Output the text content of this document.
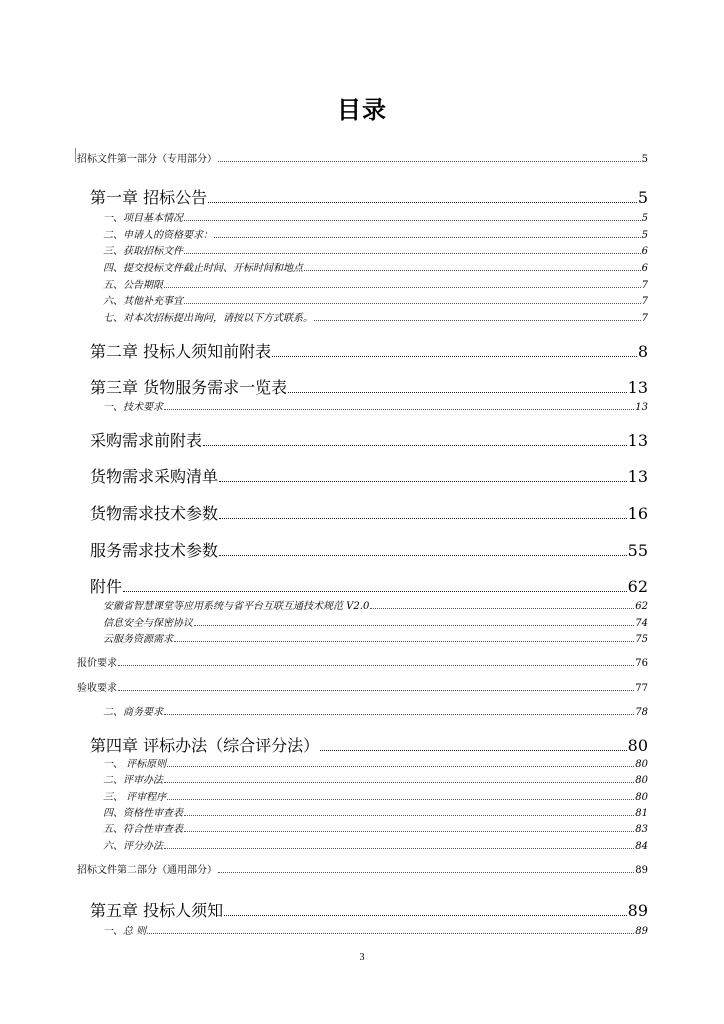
目录
招标文件第一部分（专用部分）	5
第一章 招标公告	5
一、项目基本情况	5
二、申请人的资格要求：	5
三、获取招标文件	6
四、提交投标文件截止时间、开标时间和地点	6
五、公告期限	7
六、其他补充事宜	7
七、对本次招标提出询问，请按以下方式联系。	7
第二章 投标人须知前附表	8
第三章 货物服务需求一览表	13
一、技术要求	13
采购需求前附表	13
货物需求采购清单	13
货物需求技术参数	16
服务需求技术参数	55
附件	62
安徽省智慧课堂等应用系统与省平台互联互通技术规范 V2.0	62
信息安全与保密协议	74
云服务资源需求	75
报价要求	76
验收要求	77
二、商务要求	78
第四章 评标办法（综合评分法）	80
一、 评标原则	80
二、评审办法	80
三、 评审程序	80
四、资格性审查表	81
五、符合性审查表	83
六、评分办法	84
招标文件第二部分（通用部分）	89
第五章 投标人须知	89
一、总 则	89
3
